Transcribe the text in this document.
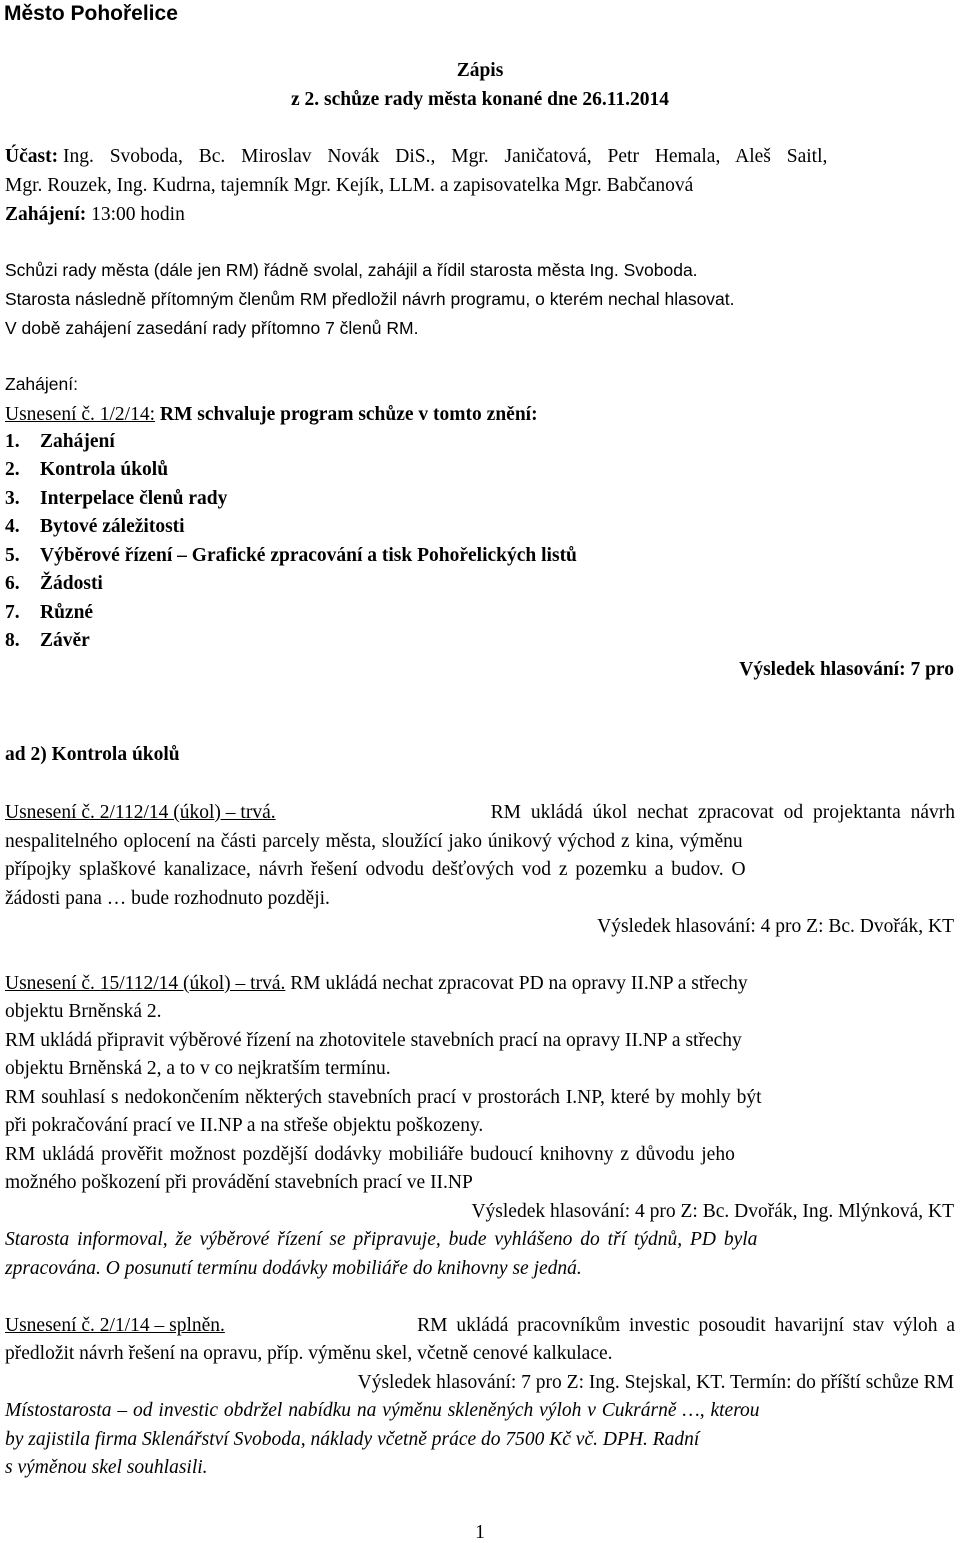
Město Pohořelice
Zápis
z 2. schůze rady města konané dne 26.11.2014
Účast: Ing. Svoboda, Bc. Miroslav Novák DiS., Mgr. Janičatová, Petr Hemala, Aleš Saitl,
Mgr. Rouzek, Ing. Kudrna, tajemník Mgr. Kejík, LLM. a zapisovatelka Mgr. Babčanová
Zahájení: 13:00 hodin
Schůzi rady města (dále jen RM) řádně svolal, zahájil a řídil starosta města Ing. Svoboda.
Starosta následně přítomným členům RM předložil návrh programu, o kterém nechal hlasovat.
V době zahájení zasedání rady přítomno 7 členů RM.
Zahájení:
Usnesení č. 1/2/14: RM schvaluje program schůze v tomto znění:
1. Zahájení
2. Kontrola úkolů
3. Interpelace členů rady
4. Bytové záležitosti
5. Výběrové řízení – Grafické zpracování a tisk Pohořelických listů
6. Žádosti
7. Různé
8. Závěr
Výsledek hlasování: 7 pro
ad 2) Kontrola úkolů
Usnesení č. 2/112/14 (úkol) – trvá.	RM ukládá úkol nechat zpracovat od projektanta návrh
nespalitelného oplocení na části parcely města, sloužící jako únikový východ z kina, výměnu
přípojky splaškové kanalizace, návrh řešení odvodu dešťových vod z pozemku a budov. O
žádosti pana … bude rozhodnuto později.
Výsledek hlasování: 4 pro Z: Bc. Dvořák, KT
Usnesení č. 15/112/14 (úkol) – trvá. RM ukládá nechat zpracovat PD na opravy II.NP a střechy
objektu Brněnská 2.
RM ukládá připravit výběrové řízení na zhotovitele stavebních prací na opravy II.NP a střechy
objektu Brněnská 2, a to v co nejkratším termínu.
RM souhlasí s nedokončením některých stavebních prací v prostorách I.NP, které by mohly být
při pokračování prací ve II.NP a na střeše objektu poškozeny.
RM ukládá prověřit možnost pozdější dodávky mobiliáře budoucí knihovny z důvodu jeho
možného poškození při provádění stavebních prací ve II.NP
Výsledek hlasování: 4 pro Z: Bc. Dvořák, Ing. Mlýnková, KT
Starosta informoval, že výběrové řízení se připravuje, bude vyhlášeno do tří týdnů, PD byla
zpracována. O posunutí termínu dodávky mobiliáře do knihovny se jedná.
Usnesení č. 2/1/14 – splněn.	RM ukládá pracovníkům investic posoudit havarijní stav výloh a
předložit návrh řešení na opravu, příp. výměnu skel, včetně cenové kalkulace.
Výsledek hlasování: 7 pro Z: Ing. Stejskal, KT. Termín: do příští schůze RM
Místostarosta – od investic obdržel nabídku na výměnu skleněných výloh v Cukrárně …, kterou
by zajistila firma Sklenářství Svoboda, náklady včetně práce do 7500 Kč vč. DPH. Radní
s výměnou skel souhlasili.
1
